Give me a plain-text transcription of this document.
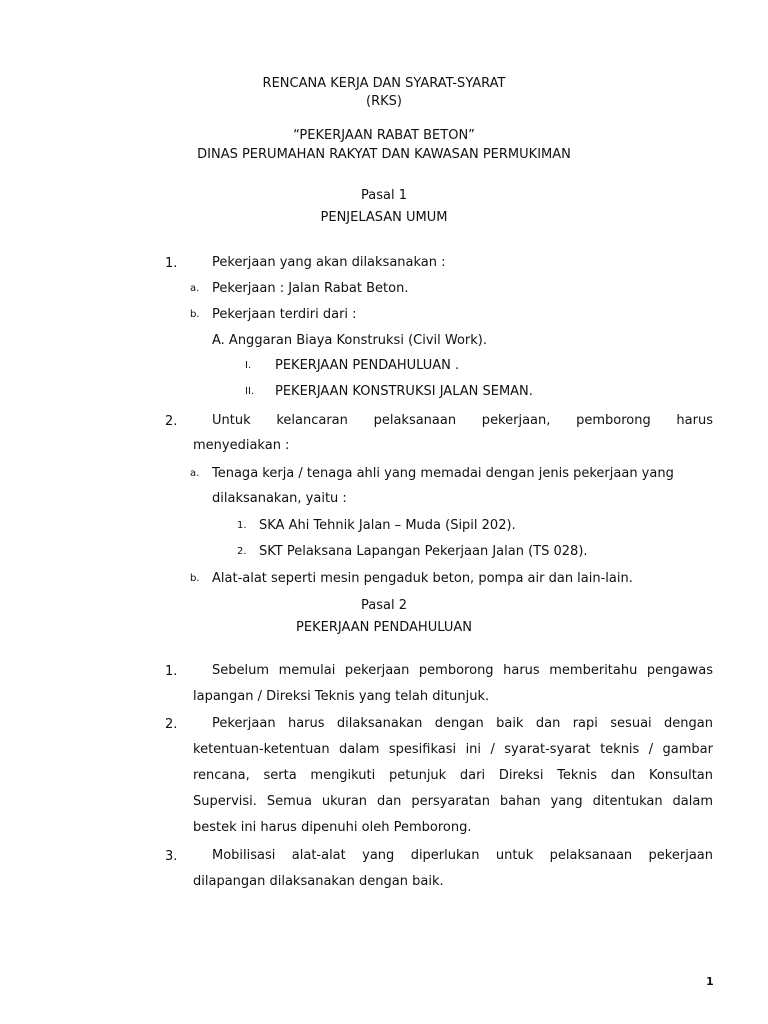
RENCANA KERJA DAN SYARAT-SYARAT
(RKS)
“PEKERJAAN RABAT BETON”
DINAS PERUMAHAN RAKYAT DAN KAWASAN PERMUKIMAN
Pasal 1
PENJELASAN UMUM
1.	Pekerjaan yang akan dilaksanakan :
a. Pekerjaan : Jalan Rabat Beton.
b. Pekerjaan terdiri dari :
A. Anggaran Biaya Konstruksi (Civil Work).
I. PEKERJAAN PENDAHULUAN .
II. PEKERJAAN KONSTRUKSI JALAN SEMAN.
2.	Untuk kelancaran pelaksanaan pekerjaan, pemborong harus
menyediakan :
a. Tenaga kerja / tenaga ahli yang memadai dengan jenis pekerjaan yang
dilaksanakan, yaitu :
1. SKA Ahi Tehnik Jalan – Muda (Sipil 202).
2. SKT Pelaksana Lapangan Pekerjaan Jalan (TS 028).
b. Alat-alat seperti mesin pengaduk beton, pompa air dan lain-lain.
Pasal 2
PEKERJAAN PENDAHULUAN
1.	Sebelum memulai pekerjaan pemborong harus memberitahu pengawas
lapangan / Direksi Teknis yang telah ditunjuk.
2.	Pekerjaan harus dilaksanakan dengan baik dan rapi sesuai dengan
ketentuan-ketentuan dalam spesifikasi ini / syarat-syarat teknis / gambar
rencana, serta mengikuti petunjuk dari Direksi Teknis dan Konsultan
Supervisi. Semua ukuran dan persyaratan bahan yang ditentukan dalam
bestek ini harus dipenuhi oleh Pemborong.
3.	Mobilisasi alat-alat yang diperlukan untuk pelaksanaan pekerjaan
dilapangan dilaksanakan dengan baik.
1
